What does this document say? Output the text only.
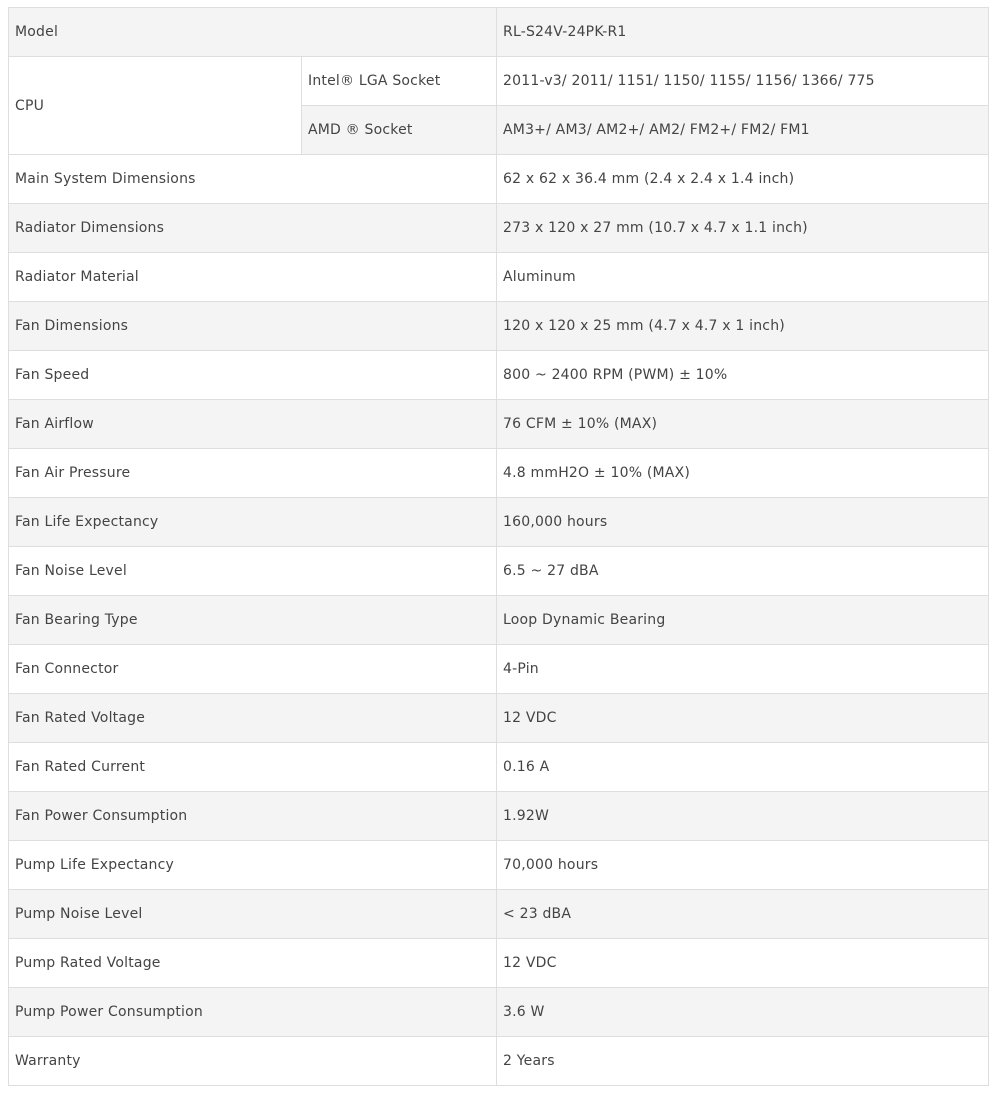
Model		RL-S24V-24PK-R1
CPU	Intel® LGA Socket	2011-v3/ 2011/ 1151/ 1150/ 1155/ 1156/ 1366/ 775
	AMD ® Socket	AM3+/ AM3/ AM2+/ AM2/ FM2+/ FM2/ FM1
Main System Dimensions		62 x 62 x 36.4 mm (2.4 x 2.4 x 1.4 inch)
Radiator Dimensions		273 x 120 x 27 mm (10.7 x 4.7 x 1.1 inch)
Radiator Material		Aluminum
Fan Dimensions		120 x 120 x 25 mm (4.7 x 4.7 x 1 inch)
Fan Speed		800 ~ 2400 RPM (PWM) ± 10%
Fan Airflow		76 CFM ± 10% (MAX)
Fan Air Pressure		4.8 mmH2O ± 10% (MAX)
Fan Life Expectancy		160,000 hours
Fan Noise Level		6.5 ~ 27 dBA
Fan Bearing Type		Loop Dynamic Bearing
Fan Connector		4-Pin
Fan Rated Voltage		12 VDC
Fan Rated Current		0.16 A
Fan Power Consumption		1.92W
Pump Life Expectancy		70,000 hours
Pump Noise Level		< 23 dBA
Pump Rated Voltage		12 VDC
Pump Power Consumption		3.6 W
Warranty		2 Years
